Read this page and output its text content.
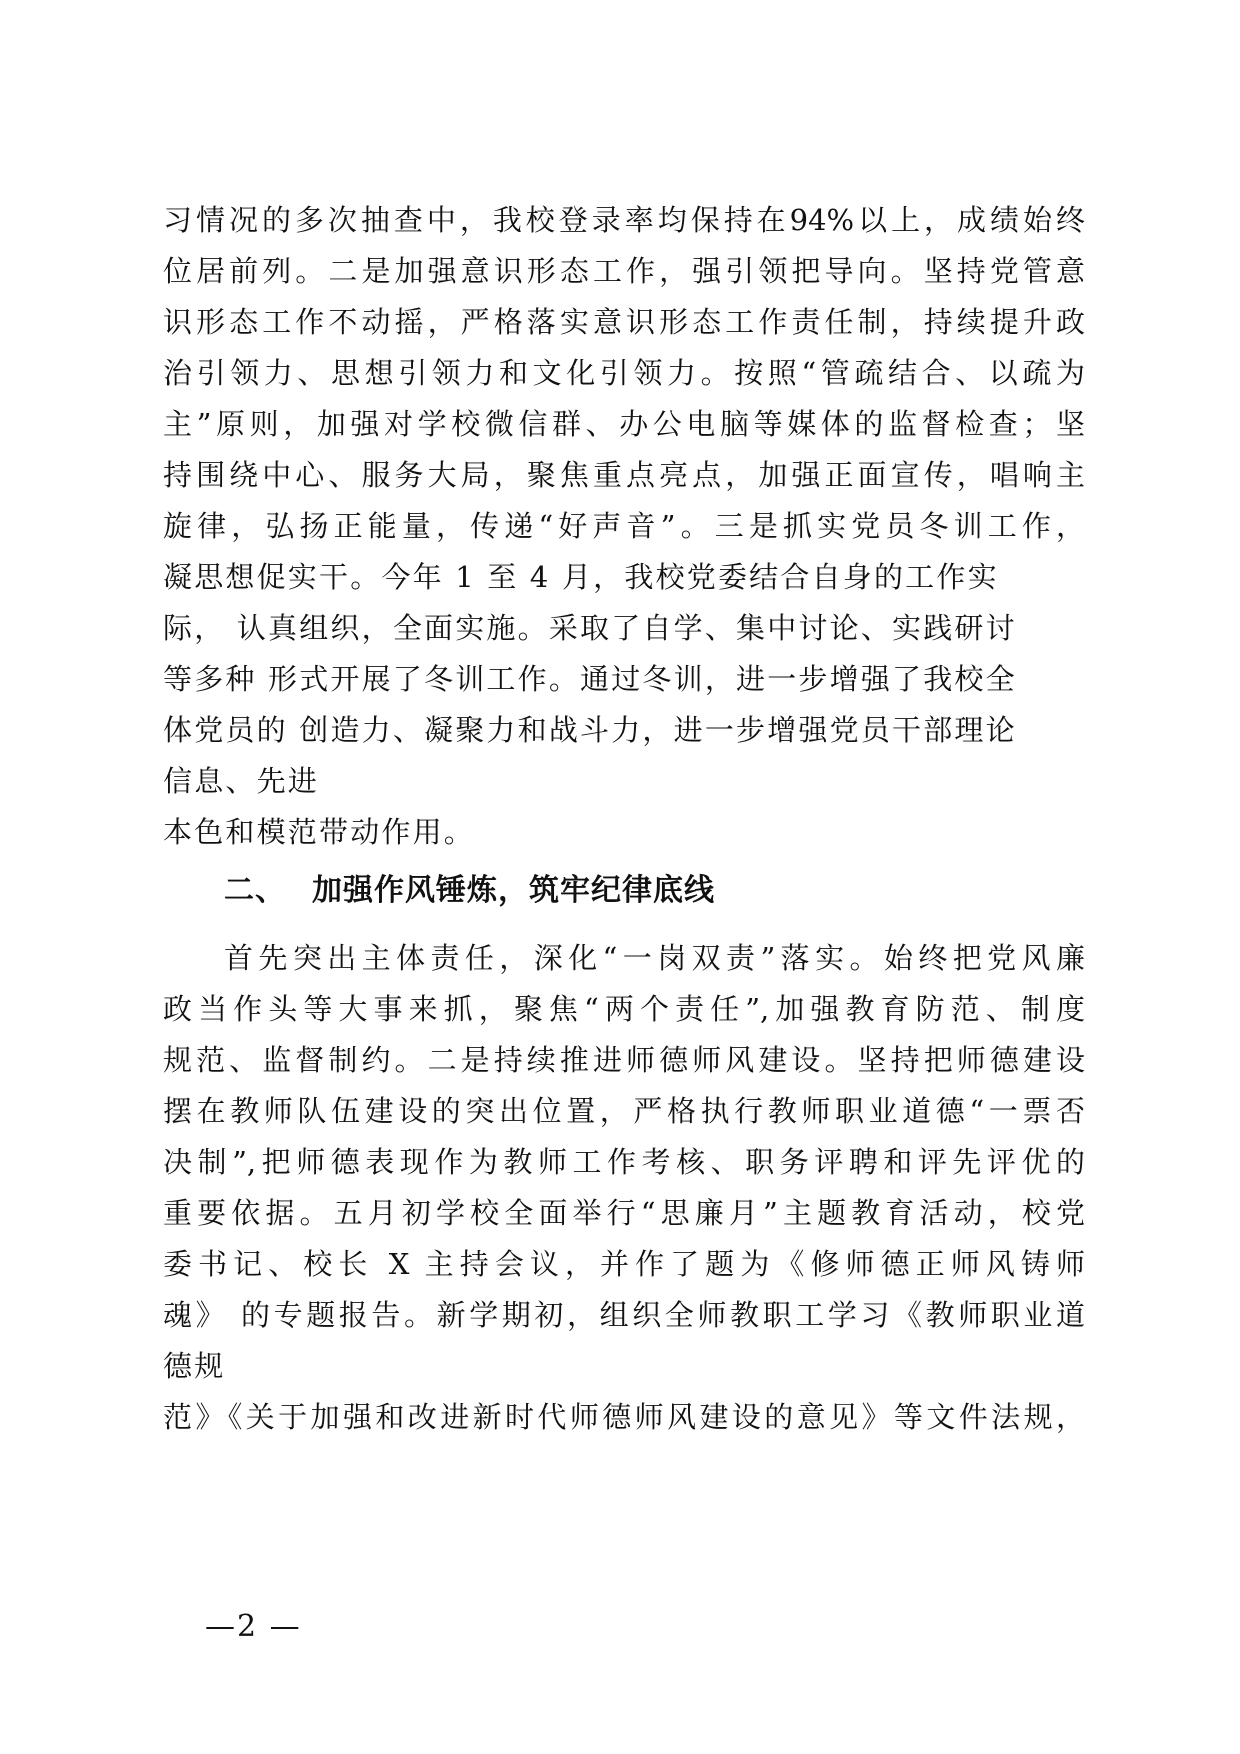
习情况的多次抽查中，我校登录率均保持在94%以上，成绩始终
位居前列。二是加强意识形态工作，强引领把导向。坚持党管意
识形态工作不动摇，严格落实意识形态工作责任制，持续提升政
治引领力、思想引领力和文化引领力。按照“管疏结合、以疏为
主”原则，加强对学校微信群、办公电脑等媒体的监督检查；坚
持围绕中心、服务大局，聚焦重点亮点，加强正面宣传，唱响主
旋律，弘扬正能量，传递“好声音”。三是抓实党员冬训工作，
凝思想促实干。今年 1 至 4 月，我校党委结合自身的工作实
际， 认真组织，全面实施。采取了自学、集中讨论、实践研讨
等多种 形式开展了冬训工作。通过冬训，进一步增强了我校全
体党员的 创造力、凝聚力和战斗力，进一步增强党员干部理论
信息、先进
本色和模范带动作用。
二、 加强作风锤炼，筑牢纪律底线
首先突出主体责任，深化“一岗双责”落实。始终把党风廉
政当作头等大事来抓，聚焦“两个责任”,加强教育防范、制度
规范、监督制约。二是持续推进师德师风建设。坚持把师德建设
摆在教师队伍建设的突出位置，严格执行教师职业道德“一票否
决制”,把师德表现作为教师工作考核、职务评聘和评先评优的
重要依据。五月初学校全面举行“思廉月”主题教育活动，校党
委书记、校长 X 主持会议，并作了题为《修师德正师风铸师
魂》 的专题报告。新学期初，组织全师教职工学习《教师职业道
德规
范》《关于加强和改进新时代师德师风建设的意见》等文件法规，
—2 —
